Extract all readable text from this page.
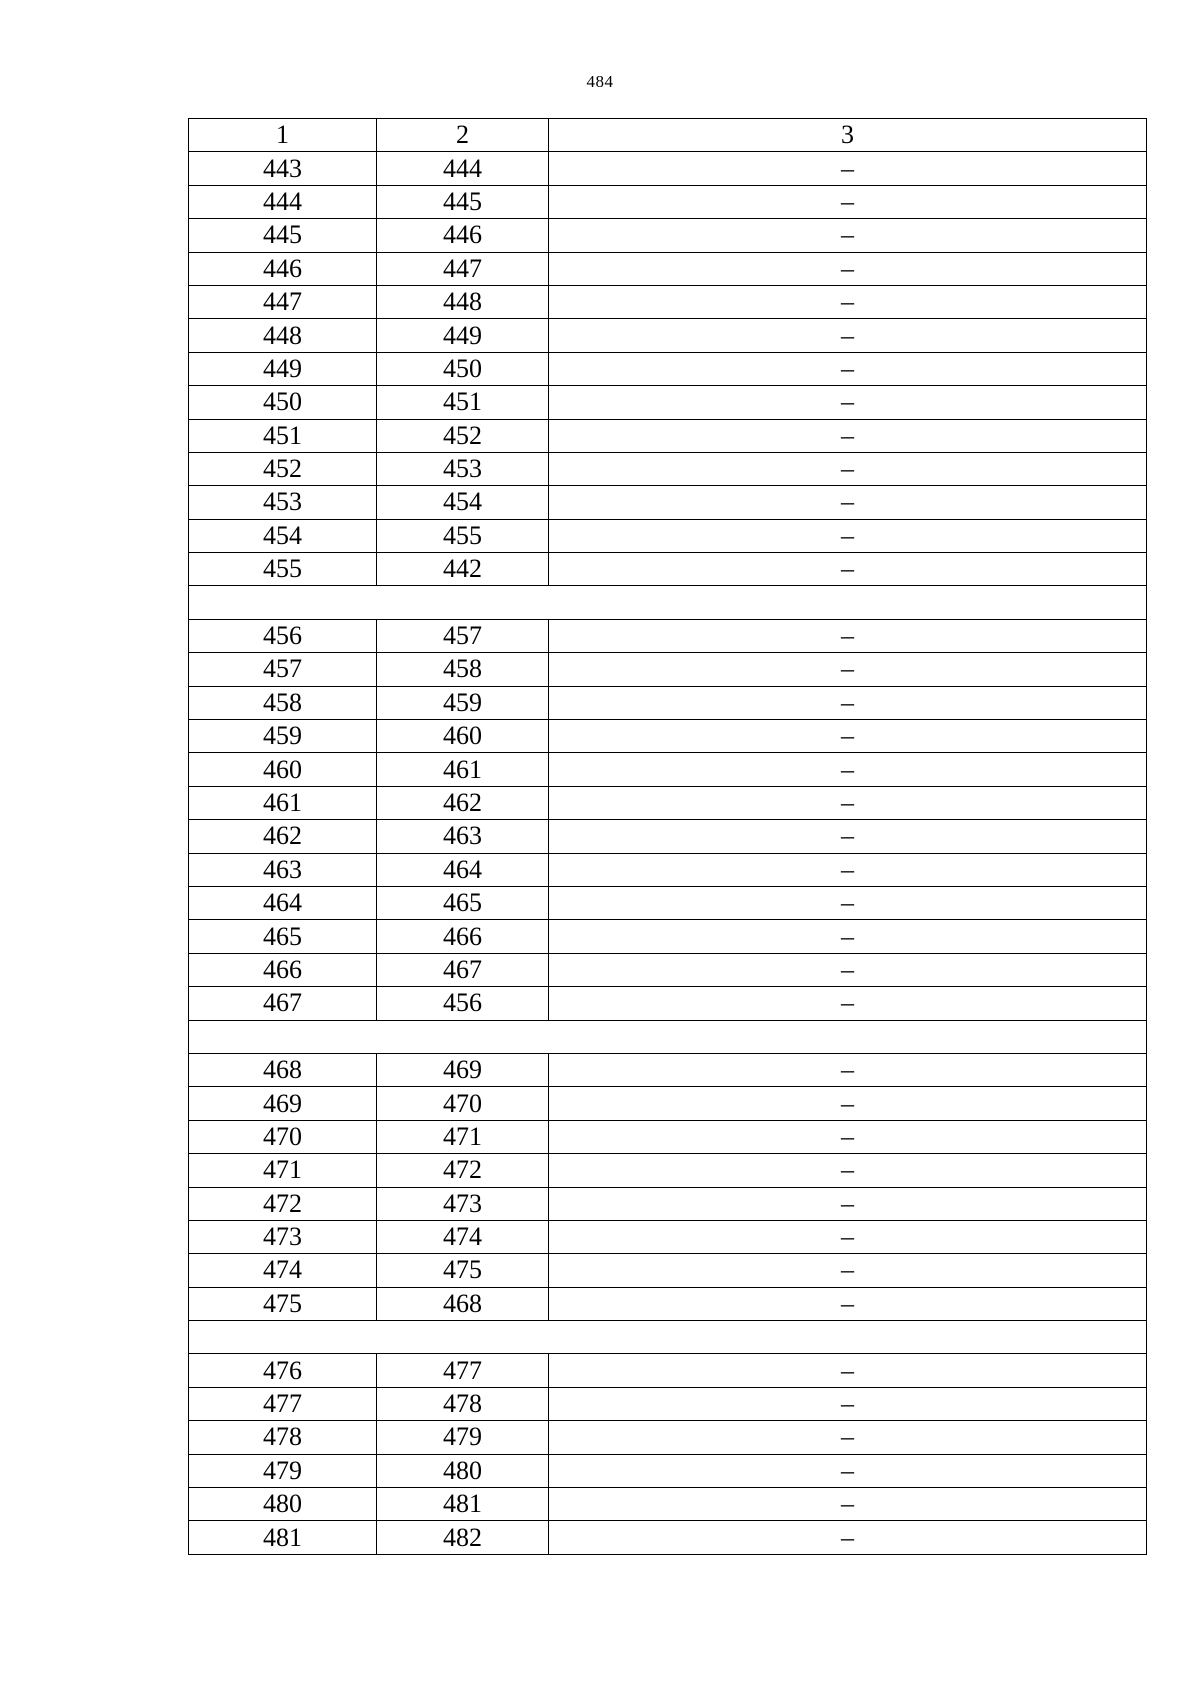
484
1	2	3
443	444	–
444	445	–
445	446	–
446	447	–
447	448	–
448	449	–
449	450	–
450	451	–
451	452	–
452	453	–
453	454	–
454	455	–
455	442	–

456	457	–
457	458	–
458	459	–
459	460	–
460	461	–
461	462	–
462	463	–
463	464	–
464	465	–
465	466	–
466	467	–
467	456	–

468	469	–
469	470	–
470	471	–
471	472	–
472	473	–
473	474	–
474	475	–
475	468	–

476	477	–
477	478	–
478	479	–
479	480	–
480	481	–
481	482	–
